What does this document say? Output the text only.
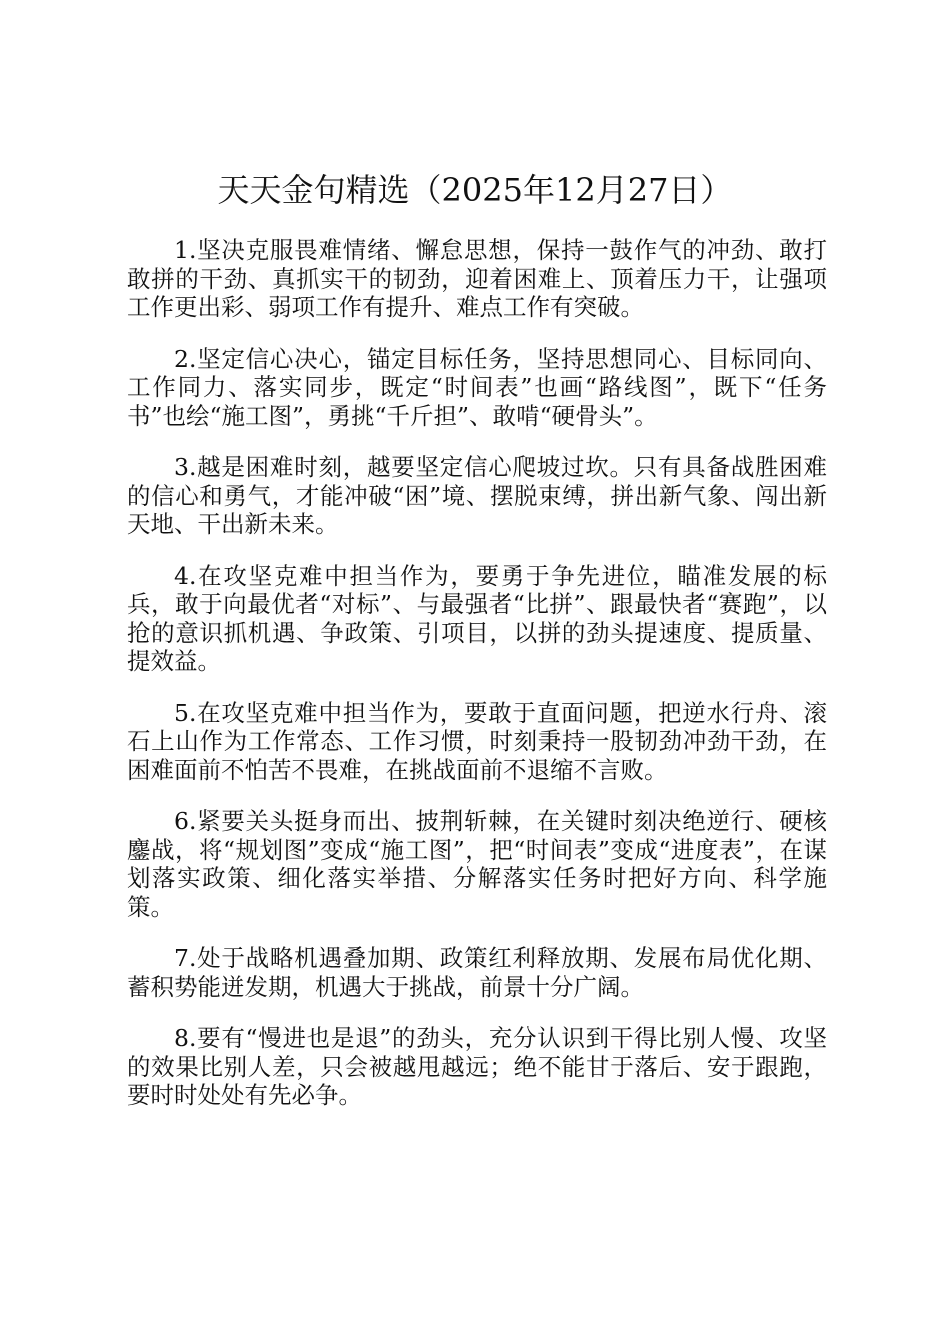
天天金句精选（2025年12月27日）

1.坚决克服畏难情绪、懈怠思想，保持一鼓作气的冲劲、敢打敢拼的干劲、真抓实干的韧劲，迎着困难上、顶着压力干，让强项工作更出彩、弱项工作有提升、难点工作有突破。

2.坚定信心决心，锚定目标任务，坚持思想同心、目标同向、工作同力、落实同步，既定“时间表”也画“路线图”，既下“任务书”也绘“施工图”，勇挑“千斤担”、敢啃“硬骨头”。

3.越是困难时刻，越要坚定信心爬坡过坎。只有具备战胜困难的信心和勇气，才能冲破“困”境、摆脱束缚，拼出新气象、闯出新天地、干出新未来。

4.在攻坚克难中担当作为，要勇于争先进位，瞄准发展的标兵，敢于向最优者“对标”、与最强者“比拼”、跟最快者“赛跑”，以抢的意识抓机遇、争政策、引项目，以拼的劲头提速度、提质量、提效益。

5.在攻坚克难中担当作为，要敢于直面问题，把逆水行舟、滚石上山作为工作常态、工作习惯，时刻秉持一股韧劲冲劲干劲，在困难面前不怕苦不畏难，在挑战面前不退缩不言败。

6.紧要关头挺身而出、披荆斩棘，在关键时刻决绝逆行、硬核鏖战，将“规划图”变成“施工图”，把“时间表”变成“进度表”，在谋划落实政策、细化落实举措、分解落实任务时把好方向、科学施策。

7.处于战略机遇叠加期、政策红利释放期、发展布局优化期、蓄积势能迸发期，机遇大于挑战，前景十分广阔。

8.要有“慢进也是退”的劲头，充分认识到干得比别人慢、攻坚的效果比别人差，只会被越甩越远；绝不能甘于落后、安于跟跑，要时时处处有先必争。
